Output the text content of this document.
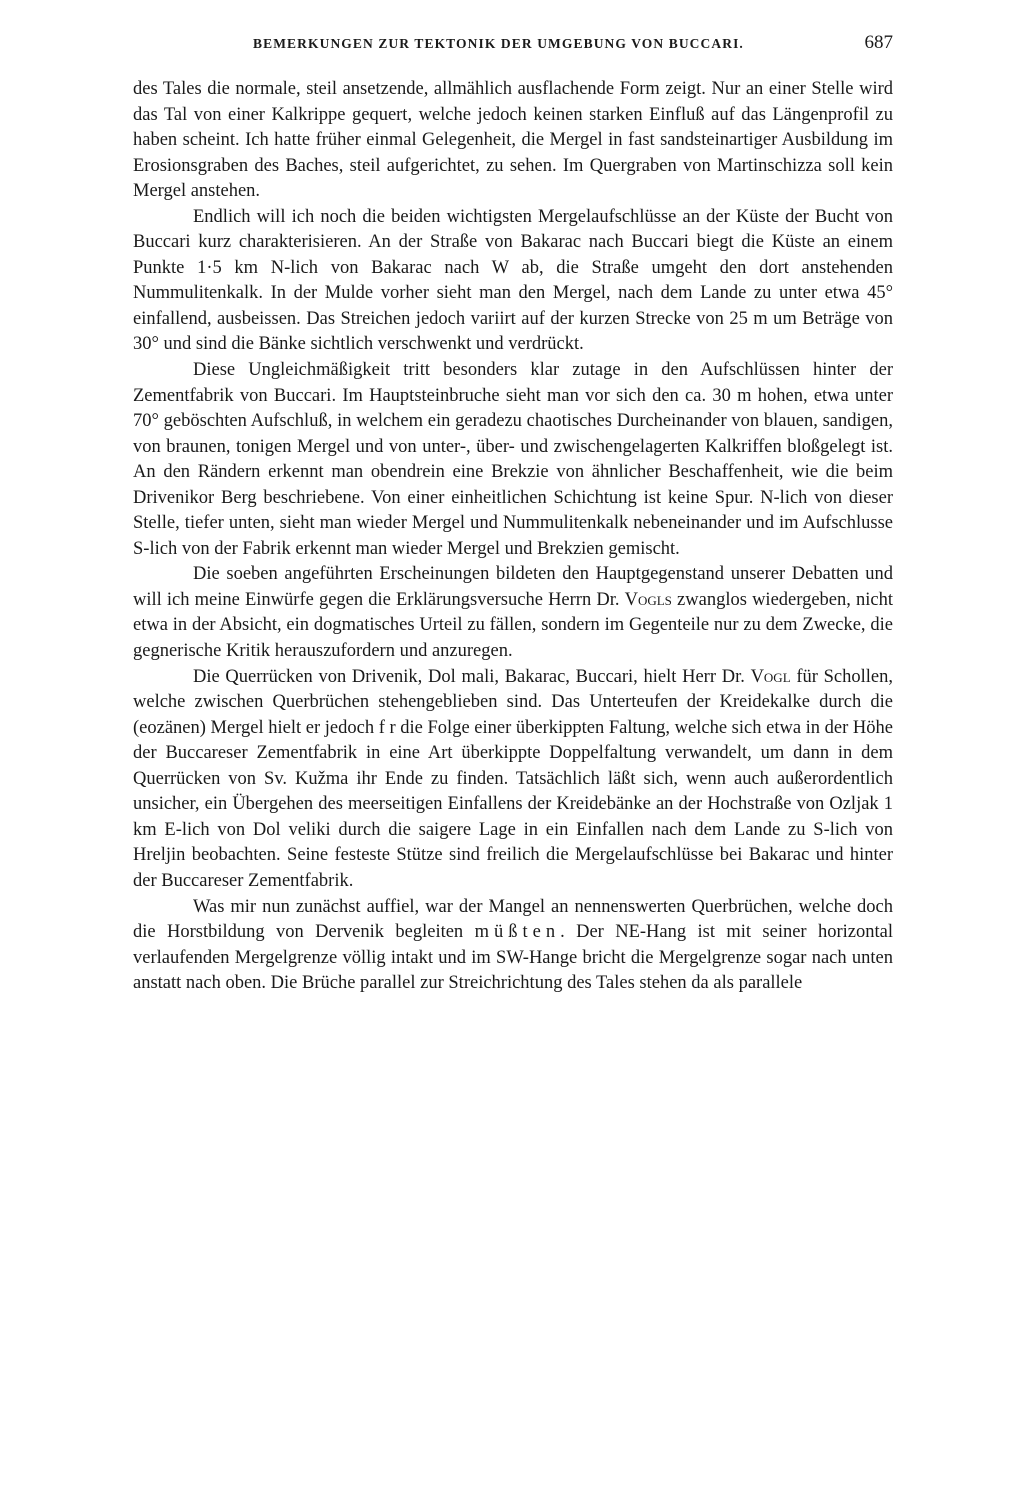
BEMERKUNGEN ZUR TEKTONIK DER UMGEBUNG VON BUCCARI.	687

des Tales die normale, steil ansetzende, allmählich ausflachende Form zeigt. Nur an einer Stelle wird das Tal von einer Kalkrippe gequert, welche jedoch keinen starken Einfluß auf das Längenprofil zu haben scheint. Ich hatte früher einmal Gelegenheit, die Mergel in fast sandsteinartiger Ausbildung im Erosionsgraben des Baches, steil aufgerichtet, zu sehen. Im Quergraben von Martinschizza soll kein Mergel anstehen.

Endlich will ich noch die beiden wichtigsten Mergelaufschlüsse an der Küste der Bucht von Buccari kurz charakterisieren. An der Straße von Bakarac nach Buccari biegt die Küste an einem Punkte 1·5 km N-lich von Bakarac nach W ab, die Straße umgeht den dort anstehenden Nummulitenkalk. In der Mulde vorher sieht man den Mergel, nach dem Lande zu unter etwa 45° einfallend, ausbeissen. Das Streichen jedoch variirt auf der kurzen Strecke von 25 m um Beträge von 30° und sind die Bänke sichtlich verschwenkt und verdrückt.

Diese Ungleichmäßigkeit tritt besonders klar zutage in den Aufschlüssen hinter der Zementfabrik von Buccari. Im Hauptsteinbruche sieht man vor sich den ca. 30 m hohen, etwa unter 70° geböschten Aufschluß, in welchem ein geradezu chaotisches Durcheinander von blauen, sandigen, von braunen, tonigen Mergel und von unter-, über- und zwischengelagerten Kalkriffen bloßgelegt ist. An den Rändern erkennt man obendrein eine Brekzie von ähnlicher Beschaffenheit, wie die beim Drivenikor Berg beschriebene. Von einer einheitlichen Schichtung ist keine Spur. N-lich von dieser Stelle, tiefer unten, sieht man wieder Mergel und Nummulitenkalk nebeneinander und im Aufschlusse S-lich von der Fabrik erkennt man wieder Mergel und Brekzien gemischt.

Die soeben angeführten Erscheinungen bildeten den Hauptgegenstand unserer Debatten und will ich meine Einwürfe gegen die Erklärungsversuche Herrn Dr. Vogls zwanglos wiedergeben, nicht etwa in der Absicht, ein dogmatisches Urteil zu fällen, sondern im Gegenteile nur zu dem Zwecke, die gegnerische Kritik herauszufordern und anzuregen.

Die Querrücken von Drivenik, Dol mali, Bakarac, Buccari, hielt Herr Dr. Vogl für Schollen, welche zwischen Querbrüchen stehengeblieben sind. Das Unterteufen der Kreidekalke durch die (eozänen) Mergel hielt er jedoch f r die Folge einer überkippten Faltung, welche sich etwa in der Höhe der Buccareser Zementfabrik in eine Art überkippte Doppelfaltung verwandelt, um dann in dem Querrücken von Sv. Kužma ihr Ende zu finden. Tatsächlich läßt sich, wenn auch außerordentlich unsicher, ein Übergehen des meerseitigen Einfallens der Kreidebänke an der Hochstraße von Ozljak 1 km E-lich von Dol veliki durch die saigere Lage in ein Einfallen nach dem Lande zu S-lich von Hreljin beobachten. Seine festeste Stütze sind freilich die Mergelaufschlüsse bei Bakarac und hinter der Buccareser Zementfabrik.

Was mir nun zunächst auffiel, war der Mangel an nennenswerten Querbrüchen, welche doch die Horstbildung von Dervenik begleiten müßten. Der NE-Hang ist mit seiner horizontal verlaufenden Mergelgrenze völlig intakt und im SW-Hange bricht die Mergelgrenze sogar nach unten anstatt nach oben. Die Brüche parallel zur Streichrichtung des Tales stehen da als parallele
